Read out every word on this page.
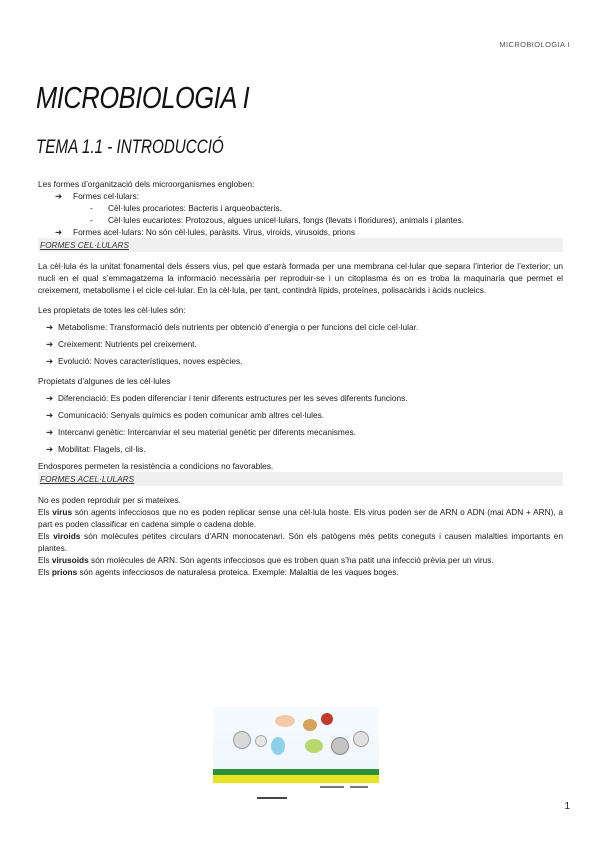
MICROBIOLOGIA I
MICROBIOLOGIA I
TEMA 1.1 - INTRODUCCIÓ

Les formes d’organització dels microorganismes engloben:

➔	Formes cel·lulars:
-	Cèl·lules procariotes: Bacteris i arqueobacteris.
-	Cèl·lules eucariotes: Protozous, algues unicel·lulars, fongs (llevats i floridures), animals i plantes.
➔	Formes acel·lulars: No són cèl·lules, paràsits. Virus, viroids, virusoids, prions

FORMES CEL·LULARS

La cèl·lula és la unitat fonamental dels éssers vius, pel que estarà formada per una membrana cel·lular que separa l’interior de l’exterior; un nucli en el qual s’emmagatzema la informació necessària per reproduir-se i un citoplasma és on es troba la maquinaria que permet el creixement, metabolisme i el cicle cel·lular. En la cèl·lula, per tant, contindrà lípids, proteïnes, polisacàrids i àcids nucleics.

Les propietats de totes les cèl·lules són:

➔ Metabolisme: Transformació dels nutrients per obtenció d’energia o per funcions del cicle cel·lular.
➔ Creixement: Nutrients pel creixement.
➔ Evolució: Noves característiques, noves espècies.

Propietats d’algunes de les cèl·lules

➔ Diferenciació: Es poden diferenciar i tenir diferents estructures per les seves diferents funcions.
➔ Comunicació: Senyals químics es poden comunicar amb altres cel·lules.
➔ Intercanvi genètic: Intercanviar el seu material genètic per diferents mecanismes.
➔ Mobilitat: Flagels, cil·lis.

Endospores permeten la resistència a condicions no favorables.

FORMES ACEL·LULARS

No es poden reproduir per si mateixes.

Els virus són agents infecciosos que no es poden replicar sense una cèl·lula hoste. Els virus poden ser de ARN o ADN (mai ADN + ARN), a part es poden classificar en cadena simple o cadena doble.

Els viroids són molècules petites circulars d’ARN monocatenari. Són els patògens més petits coneguts i causen malalties importants en plantes.

Els virusoids són molècules de ARN. Són agents infecciosos que es troben quan s’ha patit una infecció prèvia per un virus.

Els prions són agents infecciosos de naturalesa proteica. Exemple: Malaltia de les vaques boges.

1
